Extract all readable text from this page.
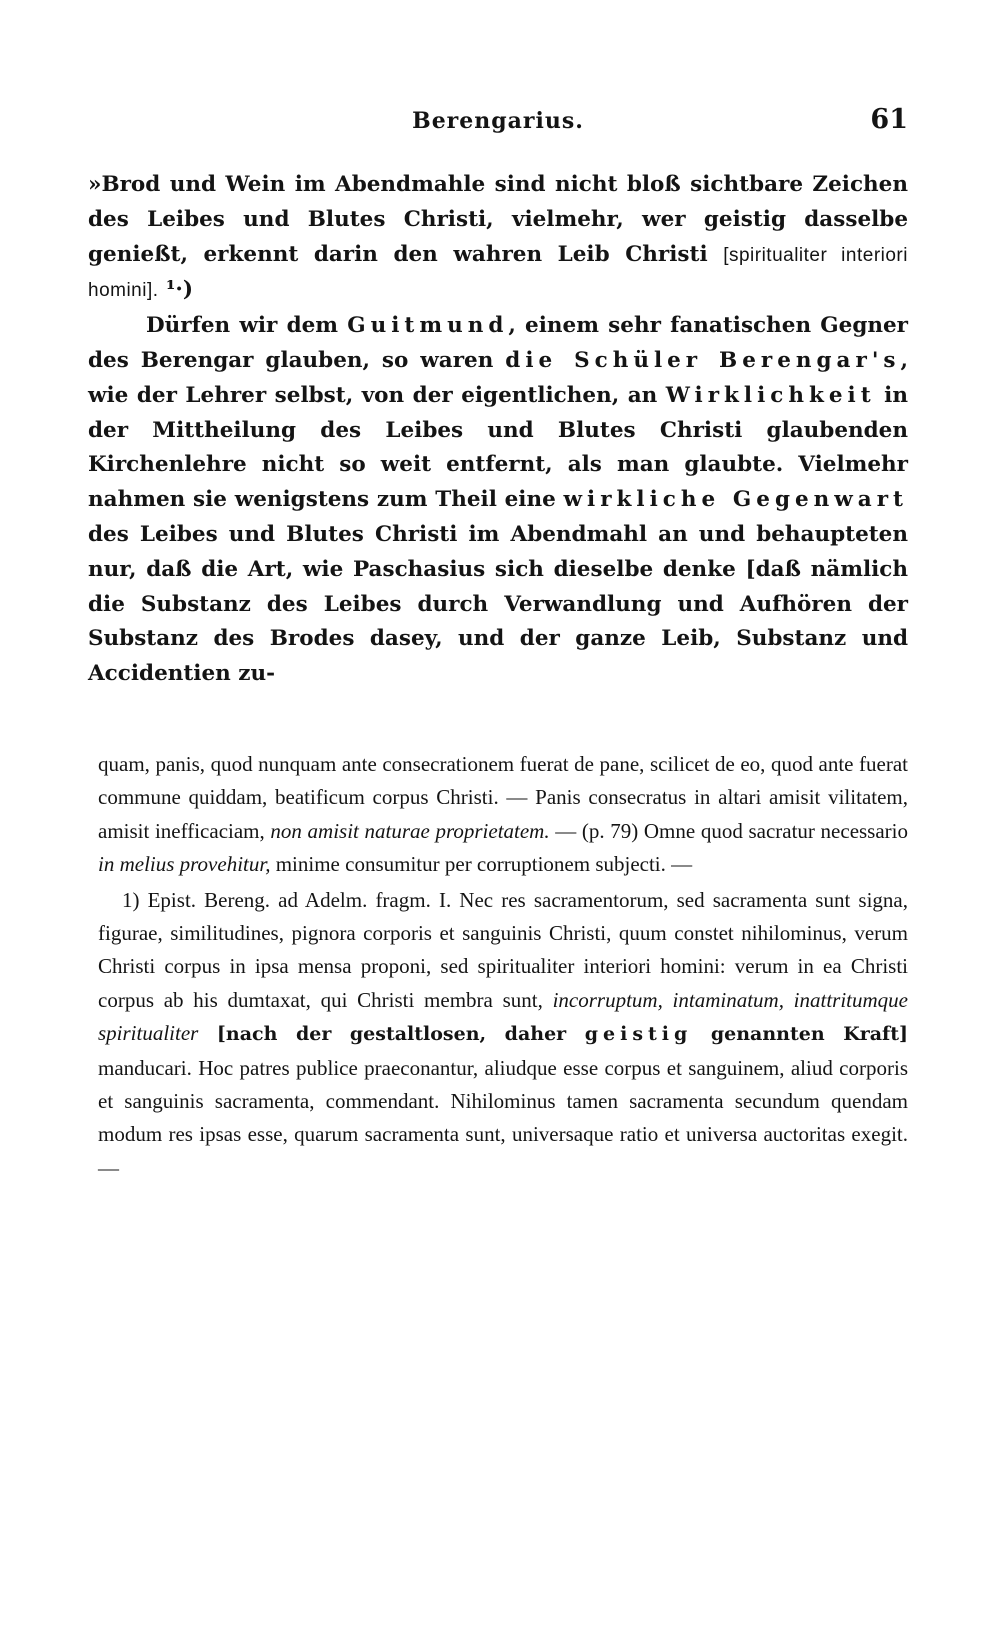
Berengarius.	61

»Brod und Wein im Abendmahle sind nicht bloß sichtbare Zeichen des Leibes und Blutes Christi, vielmehr, wer geistig dasselbe genießt, erkennt darin den wahren Leib Christi [spiritualiter interiori homini]. ¹·)

Dürfen wir dem Guitmund, einem sehr fanatischen Gegner des Berengar glauben, so waren die Schüler Berengar's, wie der Lehrer selbst, von der eigentlichen, an Wirklichkeit in der Mittheilung des Leibes und Blutes Christi glaubenden Kirchenlehre nicht so weit entfernt, als man glaubte. Vielmehr nahmen sie wenigstens zum Theil eine wirkliche Gegenwart des Leibes und Blutes Christi im Abendmahl an und behaupteten nur, daß die Art, wie Paschasius sich dieselbe denke [daß nämlich die Substanz des Leibes durch Verwandlung und Aufhören der Substanz des Brodes dasey, und der ganze Leib, Substanz und Accidentien zu-

quam, panis, quod nunquam ante consecrationem fuerat de pane, scilicet de eo, quod ante fuerat commune quiddam, beatificum corpus Christi. — Panis consecratus in altari amisit vilitatem, amisit inefficaciam, non amisit naturae proprietatem. — (p. 79) Omne quod sacratur necessario in melius provehitur, minime consumitur per corruptionem subjecti. —

1) Epist. Bereng. ad Adelm. fragm. I. Nec res sacramentorum, sed sacramenta sunt signa, figurae, similitudines, pignora corporis et sanguinis Christi, quum constet nihilominus, verum Christi corpus in ipsa mensa proponi, sed spiritualiter interiori homini: verum in ea Christi corpus ab his dumtaxat, qui Christi membra sunt, incorruptum, intaminatum, inattritumque spiritualiter [nach der gestaltlosen, daher geistig genannten Kraft] manducari. Hoc patres publice praeconantur, aliudque esse corpus et sanguinem, aliud corporis et sanguinis sacramenta, commendant. Nihilominus tamen sacramenta secundum quendam modum res ipsas esse, quarum sacramenta sunt, universaque ratio et universa auctoritas exegit. —
